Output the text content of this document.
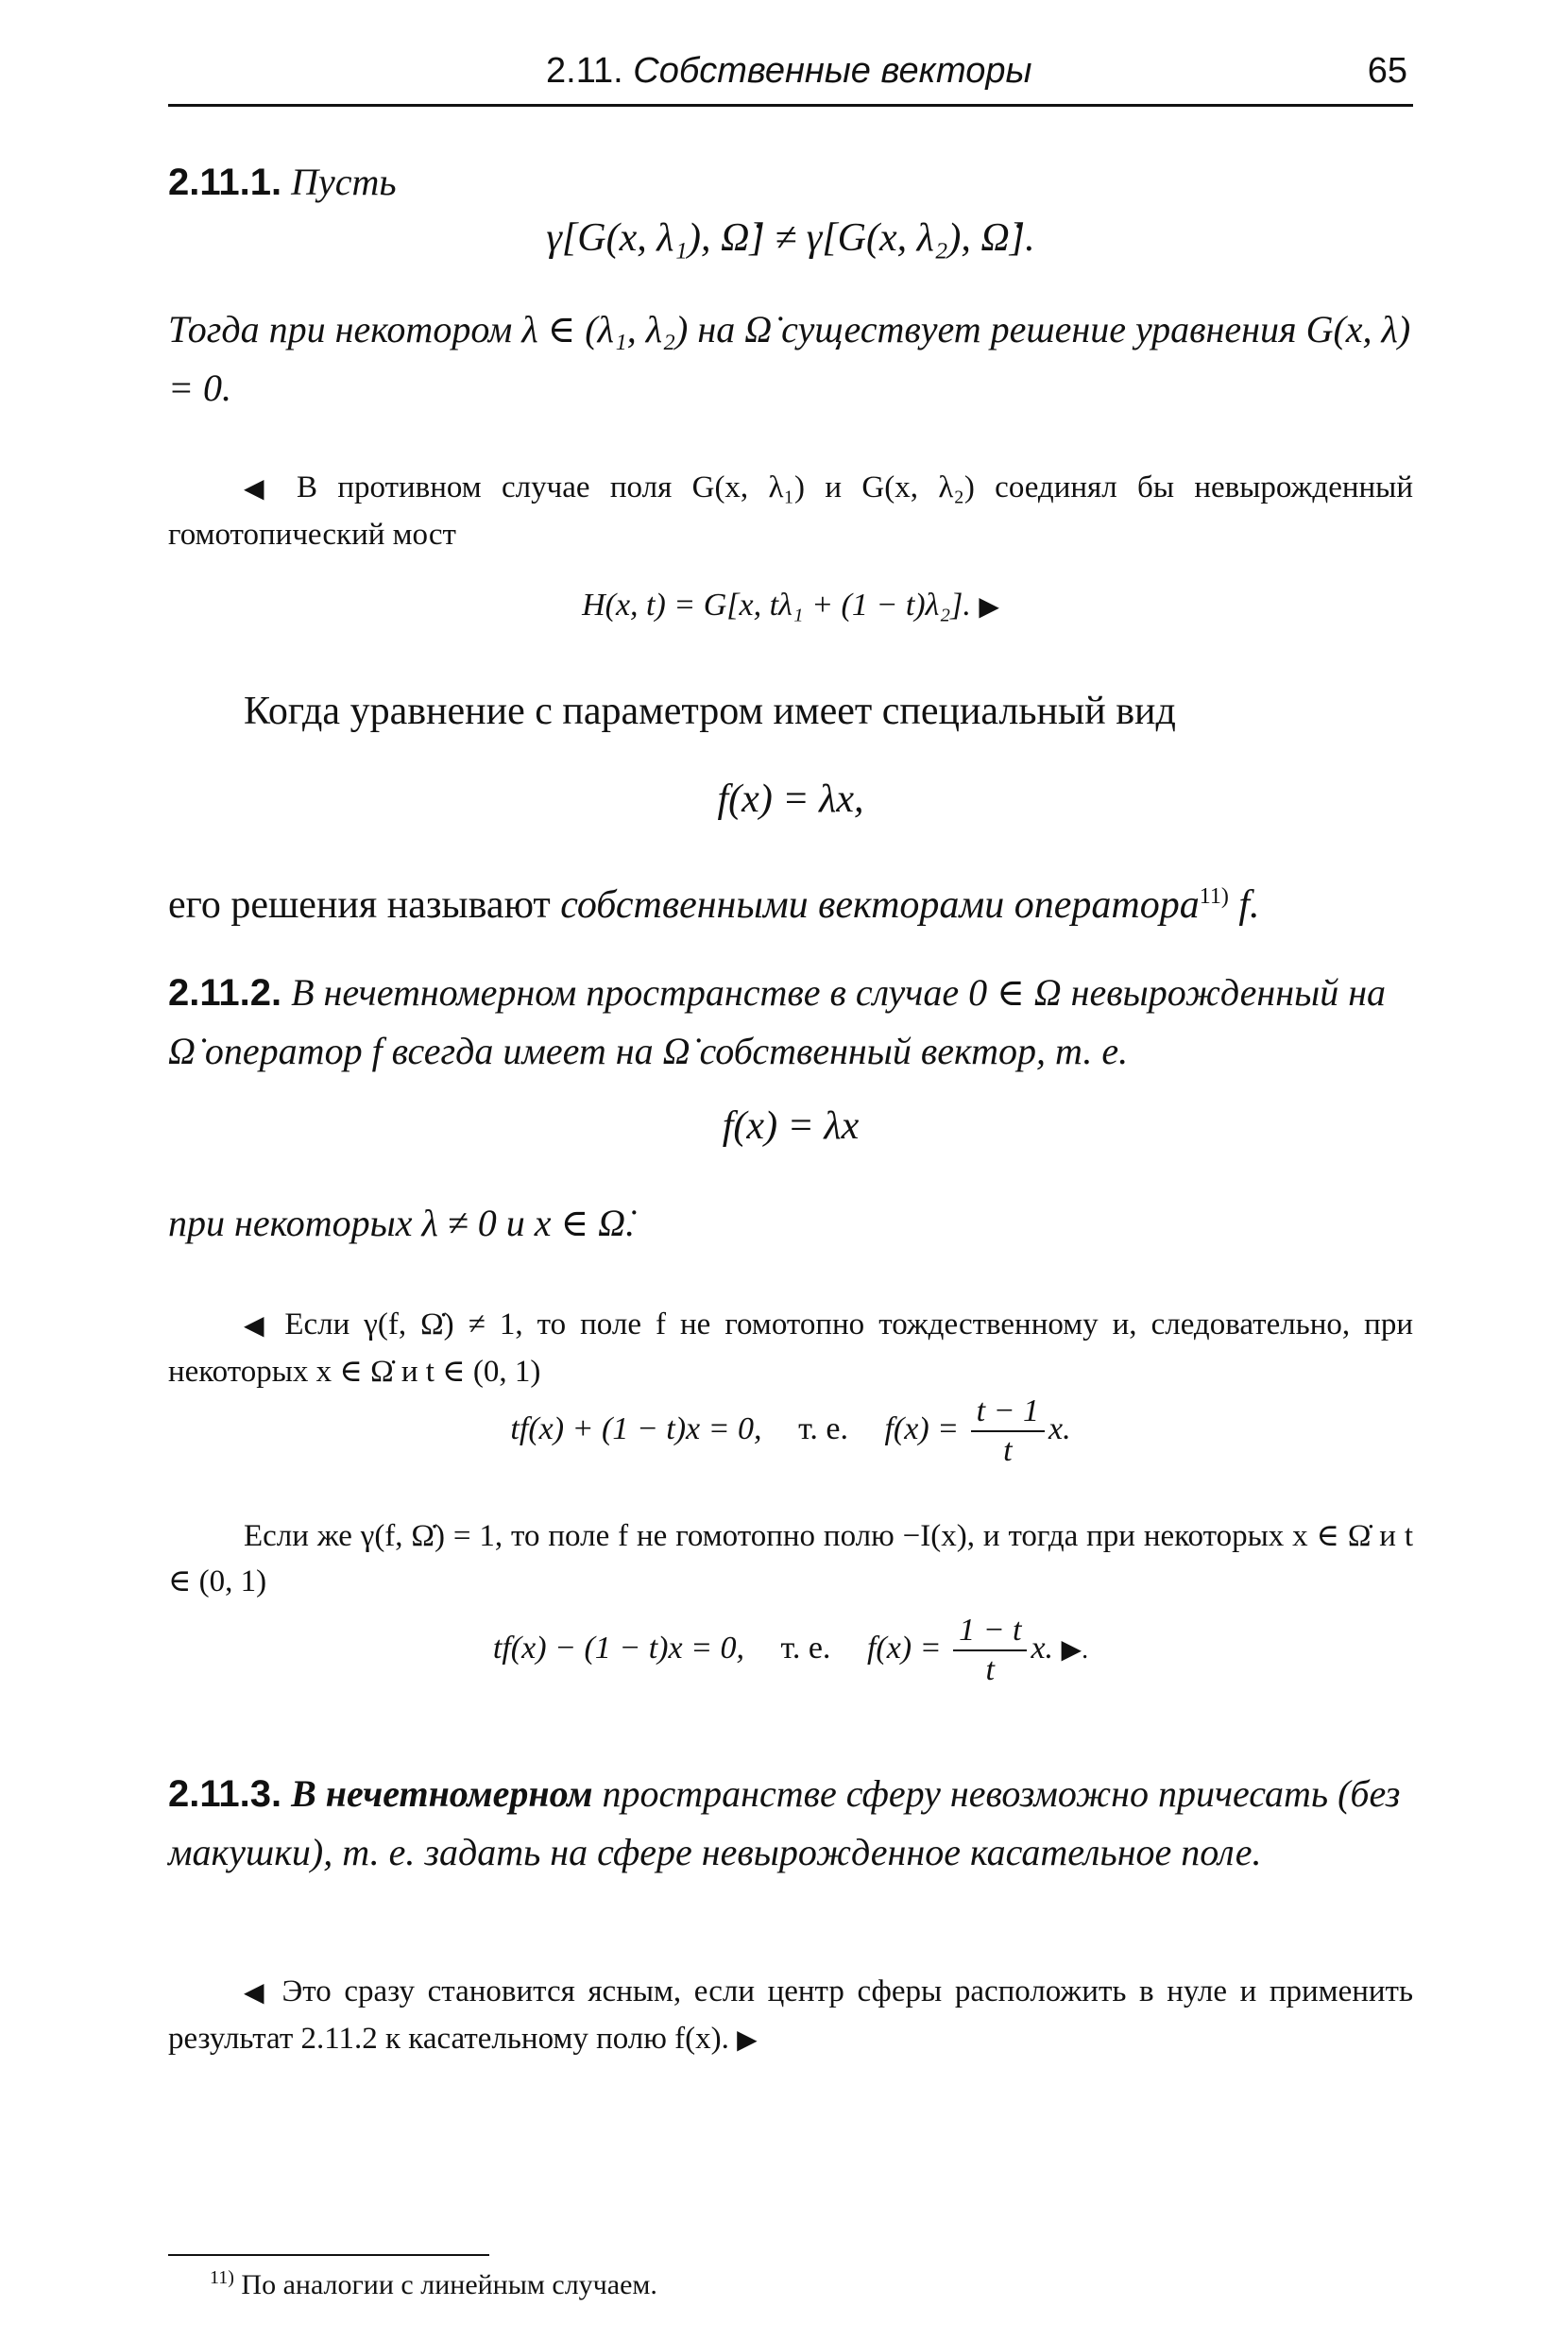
2.11. Собственные векторы	65
2.11.1. Пусть
γ[G(x, λ₁), Ω̇] ≠ γ[G(x, λ₂), Ω̇].
Тогда при некотором λ ∈ (λ₁, λ₂) на Ω̇ существует решение уравнения G(x, λ) = 0.
◀ В противном случае поля G(x, λ₁) и G(x, λ₂) соединял бы невырожденный гомотопический мост
H(x, t) = G[x, tλ₁ + (1 − t)λ₂]. ▶
Когда уравнение с параметром имеет специальный вид
f(x) = λx,
его решения называют собственными векторами оператора$^{11)}$ f.
2.11.2. В нечетномерном пространстве в случае 0 ∈ Ω невырожденный на Ω̇ оператор f всегда имеет на Ω̇ собственный вектор, т. е.
f(x) = λx
при некоторых λ ≠ 0 и x ∈ Ω̇.
◀ Если γ(f, Ω̇) ≠ 1, то поле f не гомотопно тождественному и, следовательно, при некоторых x ∈ Ω̇ и t ∈ (0, 1)
tf(x) + (1 − t)x = 0, т. е. $f(x) = \frac{t - 1}{t} x$.
Если же γ(f, Ω̇) = 1, то поле f не гомотопно полю −I(x), и тогда при некоторых x ∈ Ω̇ и t ∈ (0, 1)
tf(x) − (1 − t)x = 0, т. е. $f(x) = \frac{1 - t}{t} x$. ▶.
2.11.3. В нечетномерном пространстве сферу невозможно причесать (без макушки), т. е. задать на сфере невырожденное касательное поле.
◀ Это сразу становится ясным, если центр сферы расположить в нуле и применить результат 2.11.2 к касательному полю f(x). ▶
$^{11)}$ По аналогии с линейным случаем.
